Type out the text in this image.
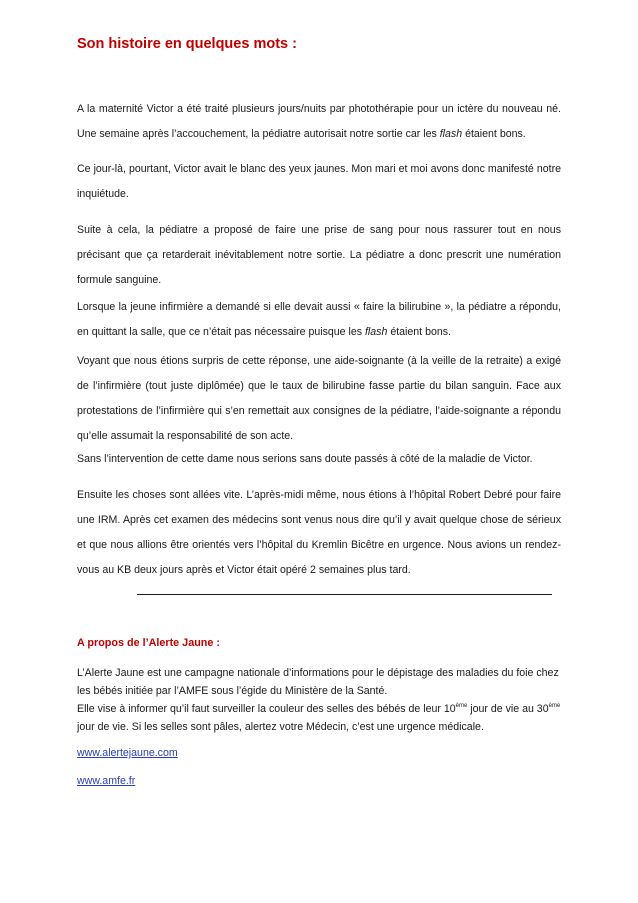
Son histoire en quelques mots :
A la maternité Victor a été traité plusieurs jours/nuits par photothérapie pour un ictère du nouveau né. Une semaine après l’accouchement, la pédiatre autorisait notre sortie car les flash étaient bons.
Ce jour-là, pourtant, Victor avait le blanc des yeux jaunes. Mon mari et moi avons donc manifesté notre inquiétude.
Suite à cela, la pédiatre a proposé de faire une prise de sang pour nous rassurer tout en nous précisant que ça retarderait inévitablement notre sortie. La pédiatre a donc prescrit une numération formule sanguine.
Lorsque la jeune infirmière a demandé si elle devait aussi « faire la bilirubine », la pédiatre a répondu, en quittant la salle, que ce n’était pas nécessaire puisque les flash étaient bons.
Voyant que nous étions surpris de cette réponse, une aide-soignante (à la veille de la retraite) a exigé de l’infirmière (tout juste diplômée) que le taux de bilirubine fasse partie du bilan sanguin. Face aux protestations de l’infirmière qui s’en remettait aux consignes de la pédiatre, l’aide-soignante a répondu qu’elle assumait la responsabilité de son acte.
Sans l’intervention de cette dame nous serions sans doute passés à côté de la maladie de Victor.
Ensuite les choses sont allées vite. L’après-midi même, nous étions à l’hôpital Robert Debré pour faire une IRM. Après cet examen des médecins sont venus nous dire qu’il y avait quelque chose de sérieux et que nous allions être orientés vers l’hôpital du Kremlin Bicêtre en urgence. Nous avions un rendez-vous au KB deux jours après et Victor était opéré 2 semaines plus tard.
A propos de l’Alerte Jaune :
L’Alerte Jaune est une campagne nationale d’informations pour le dépistage des maladies du foie chez les bébés initiée par l’AMFE sous l’égide du Ministère de la Santé.
Elle vise à informer qu’il faut surveiller la couleur des selles des bébés de leur 10ème jour de vie au 30ème jour de vie. Si les selles sont pâles, alertez votre Médecin, c’est une urgence médicale.
www.alertejaune.com
www.amfe.fr
